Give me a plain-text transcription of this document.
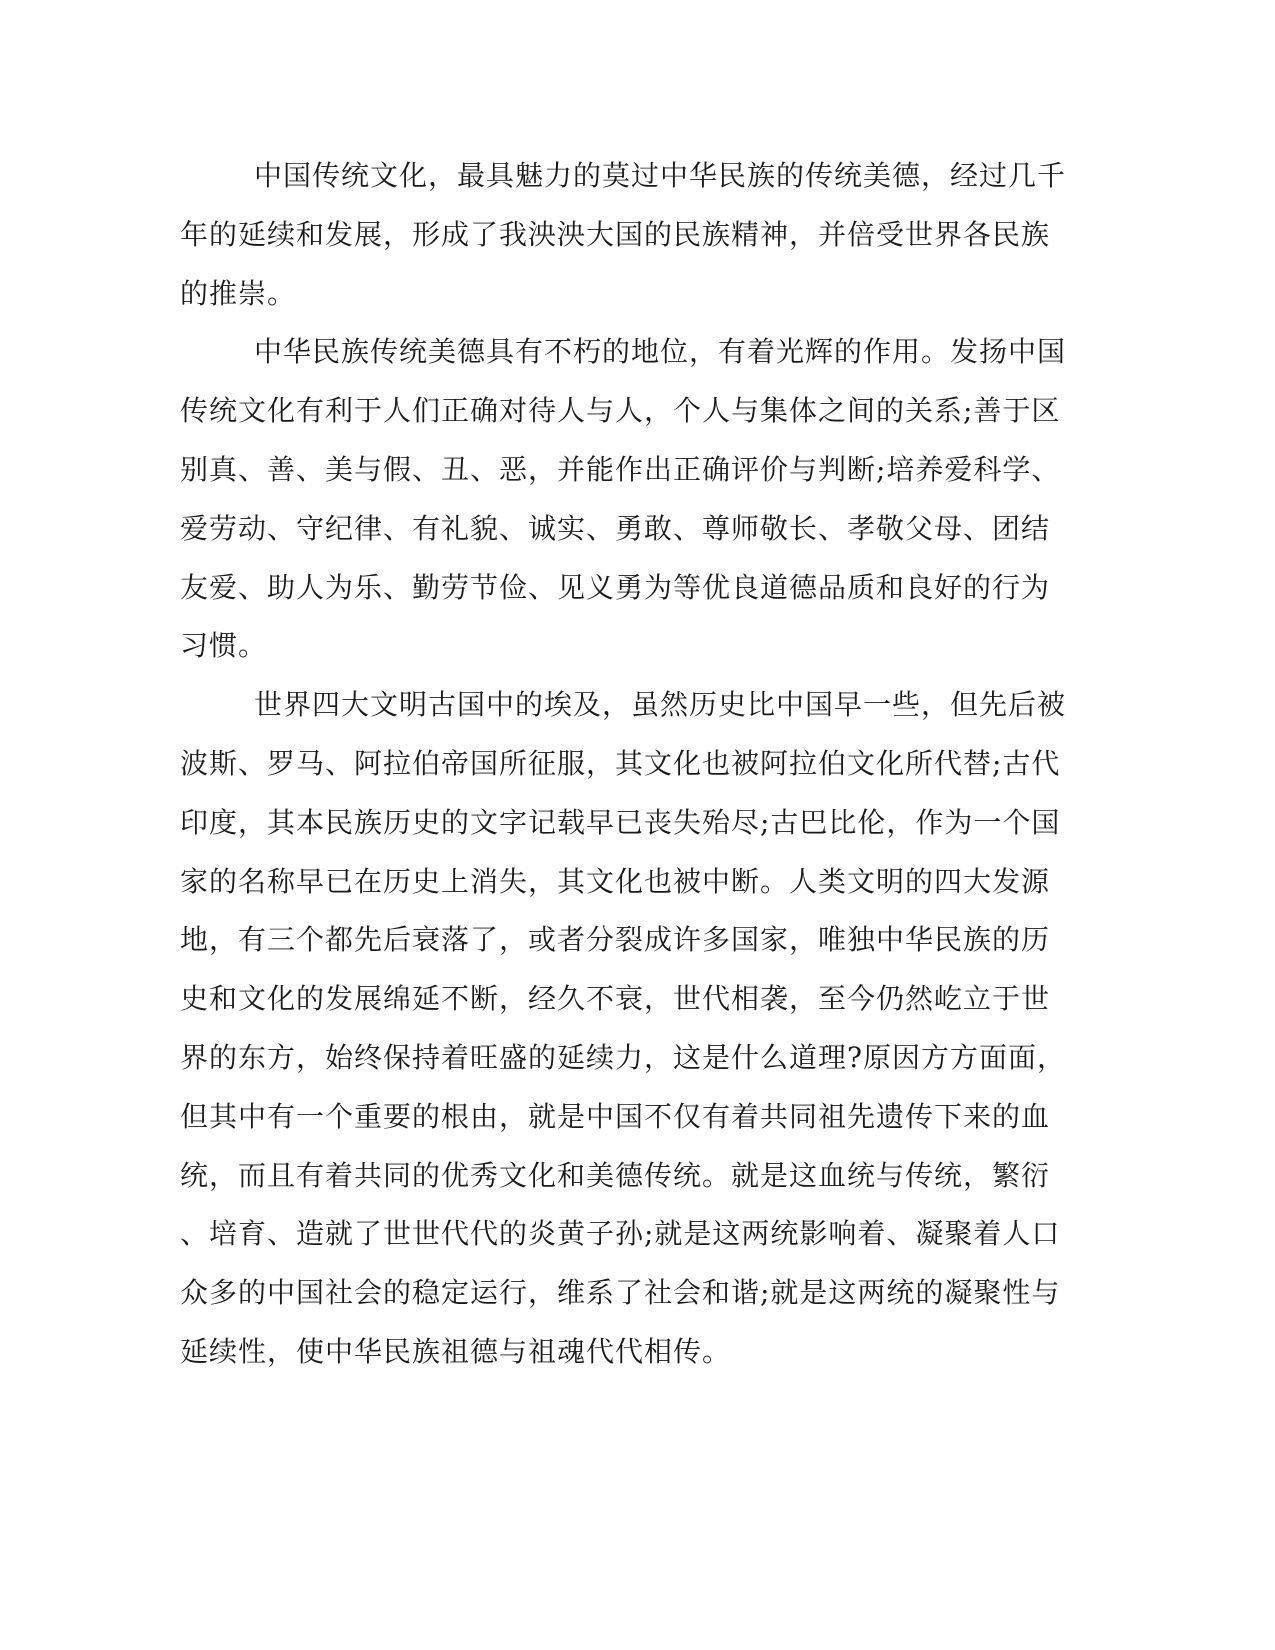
中国传统文化，最具魅力的莫过中华民族的传统美德，经过几千
年的延续和发展，形成了我泱泱大国的民族精神，并倍受世界各民族
的推崇。
中华民族传统美德具有不朽的地位，有着光辉的作用。发扬中国
传统文化有利于人们正确对待人与人，个人与集体之间的关系;善于区
别真、善、美与假、丑、恶，并能作出正确评价与判断;培养爱科学、
爱劳动、守纪律、有礼貌、诚实、勇敢、尊师敬长、孝敬父母、团结
友爱、助人为乐、勤劳节俭、见义勇为等优良道德品质和良好的行为
习惯。
世界四大文明古国中的埃及，虽然历史比中国早一些，但先后被
波斯、罗马、阿拉伯帝国所征服，其文化也被阿拉伯文化所代替;古代
印度，其本民族历史的文字记载早已丧失殆尽;古巴比伦，作为一个国
家的名称早已在历史上消失，其文化也被中断。人类文明的四大发源
地，有三个都先后衰落了，或者分裂成许多国家，唯独中华民族的历
史和文化的发展绵延不断，经久不衰，世代相袭，至今仍然屹立于世
界的东方，始终保持着旺盛的延续力，这是什么道理?原因方方面面，
但其中有一个重要的根由，就是中国不仅有着共同祖先遗传下来的血
统，而且有着共同的优秀文化和美德传统。就是这血统与传统，繁衍
、培育、造就了世世代代的炎黄子孙;就是这两统影响着、凝聚着人口
众多的中国社会的稳定运行，维系了社会和谐;就是这两统的凝聚性与
延续性，使中华民族祖德与祖魂代代相传。
